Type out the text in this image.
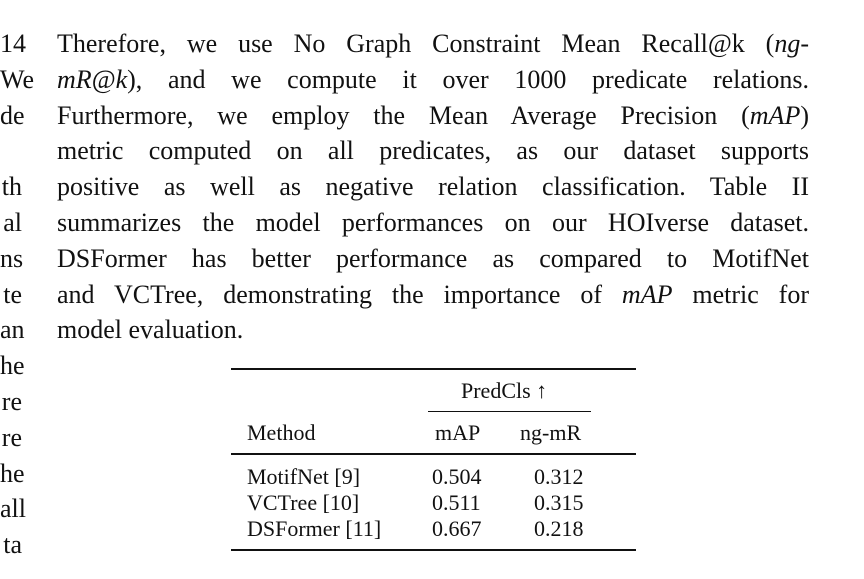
14
We
de
th
al
ns
te
an
he
re
re
he
all
ta
Therefore, we use No Graph Constraint Mean Recall@k (ng-
mR@k), and we compute it over 1000 predicate relations.
Furthermore, we employ the Mean Average Precision (mAP)
metric computed on all predicates, as our dataset supports
positive as well as negative relation classification. Table II
summarizes the model performances on our HOIverse dataset.
DSFormer has better performance as compared to MotifNet
and VCTree, demonstrating the importance of mAP metric for
model evaluation.
PredCls ↑
Method	mAP ng-mR
MotifNet [9]	0.504 0.312
VCTree [10]	0.511 0.315
DSFormer [11] 0.667 0.218
